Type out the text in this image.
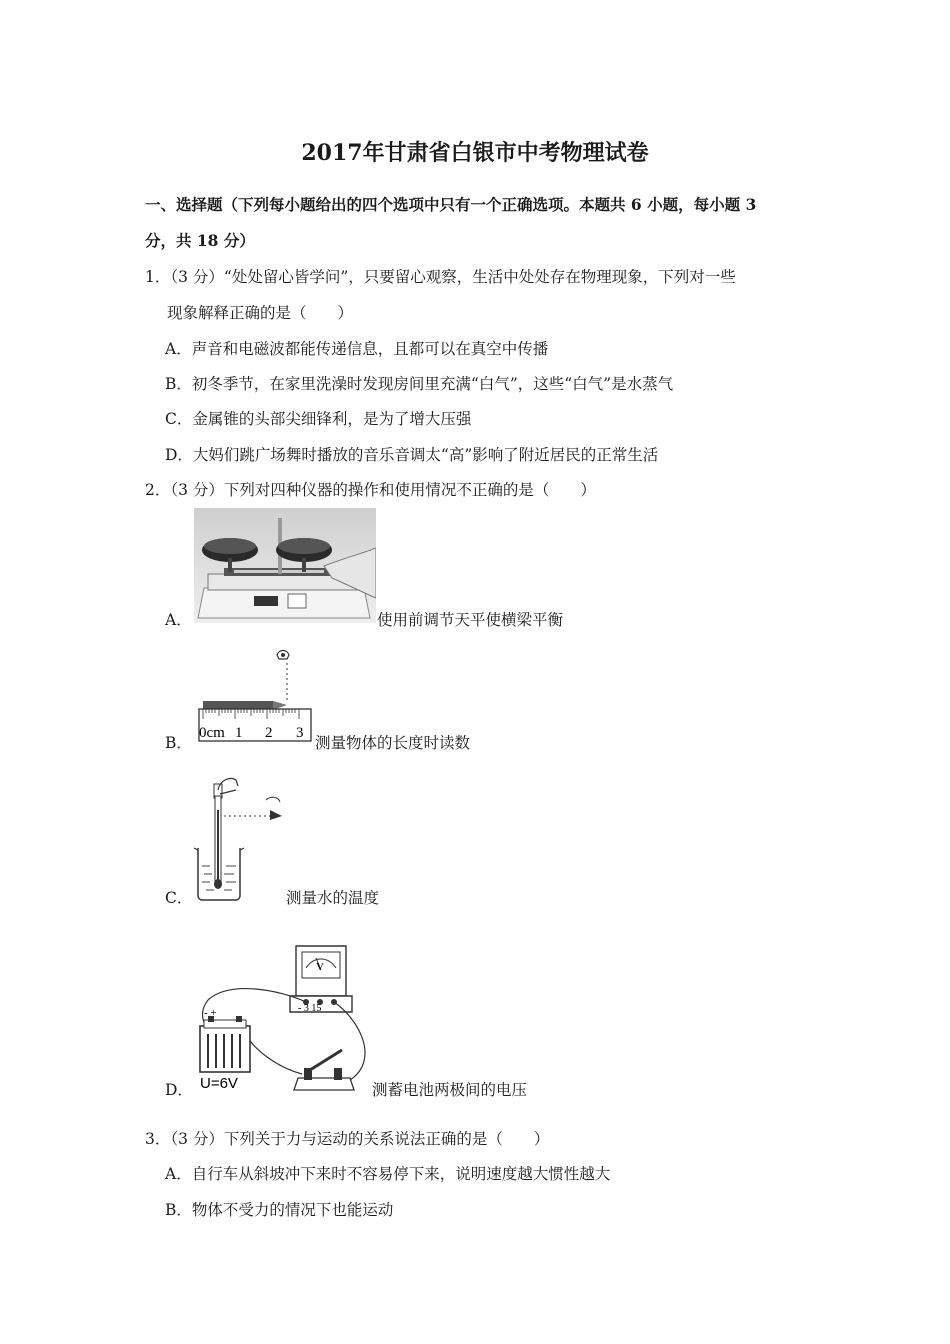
2017年甘肃省白银市中考物理试卷
一、选择题（下列每小题给出的四个选项中只有一个正确选项。本题共 6 小题，每小题 3
分，共 18 分）
1．（3 分）“处处留心皆学问”，只要留心观察，生活中处处存在物理现象，下列对一些
现象解释正确的是（　　）
A．声音和电磁波都能传递信息，且都可以在真空中传播
B．初冬季节，在家里洗澡时发现房间里充满“白气”，这些“白气”是水蒸气
C．金属锥的头部尖细锋利，是为了增大压强
D．大妈们跳广场舞时播放的音乐音调太“高”影响了附近居民的正常生活
2．（3 分）下列对四种仪器的操作和使用情况不正确的是（　　）
A．	使用前调节天平使横梁平衡
0cm 1 2 3
B．	测量物体的长度时读数
C．	测量水的温度
V
- 3 15
- +
U=6V
D．	测蓄电池两极间的电压
3．（3 分）下列关于力与运动的关系说法正确的是（　　）
A．自行车从斜坡冲下来时不容易停下来，说明速度越大惯性越大
B．物体不受力的情况下也能运动
